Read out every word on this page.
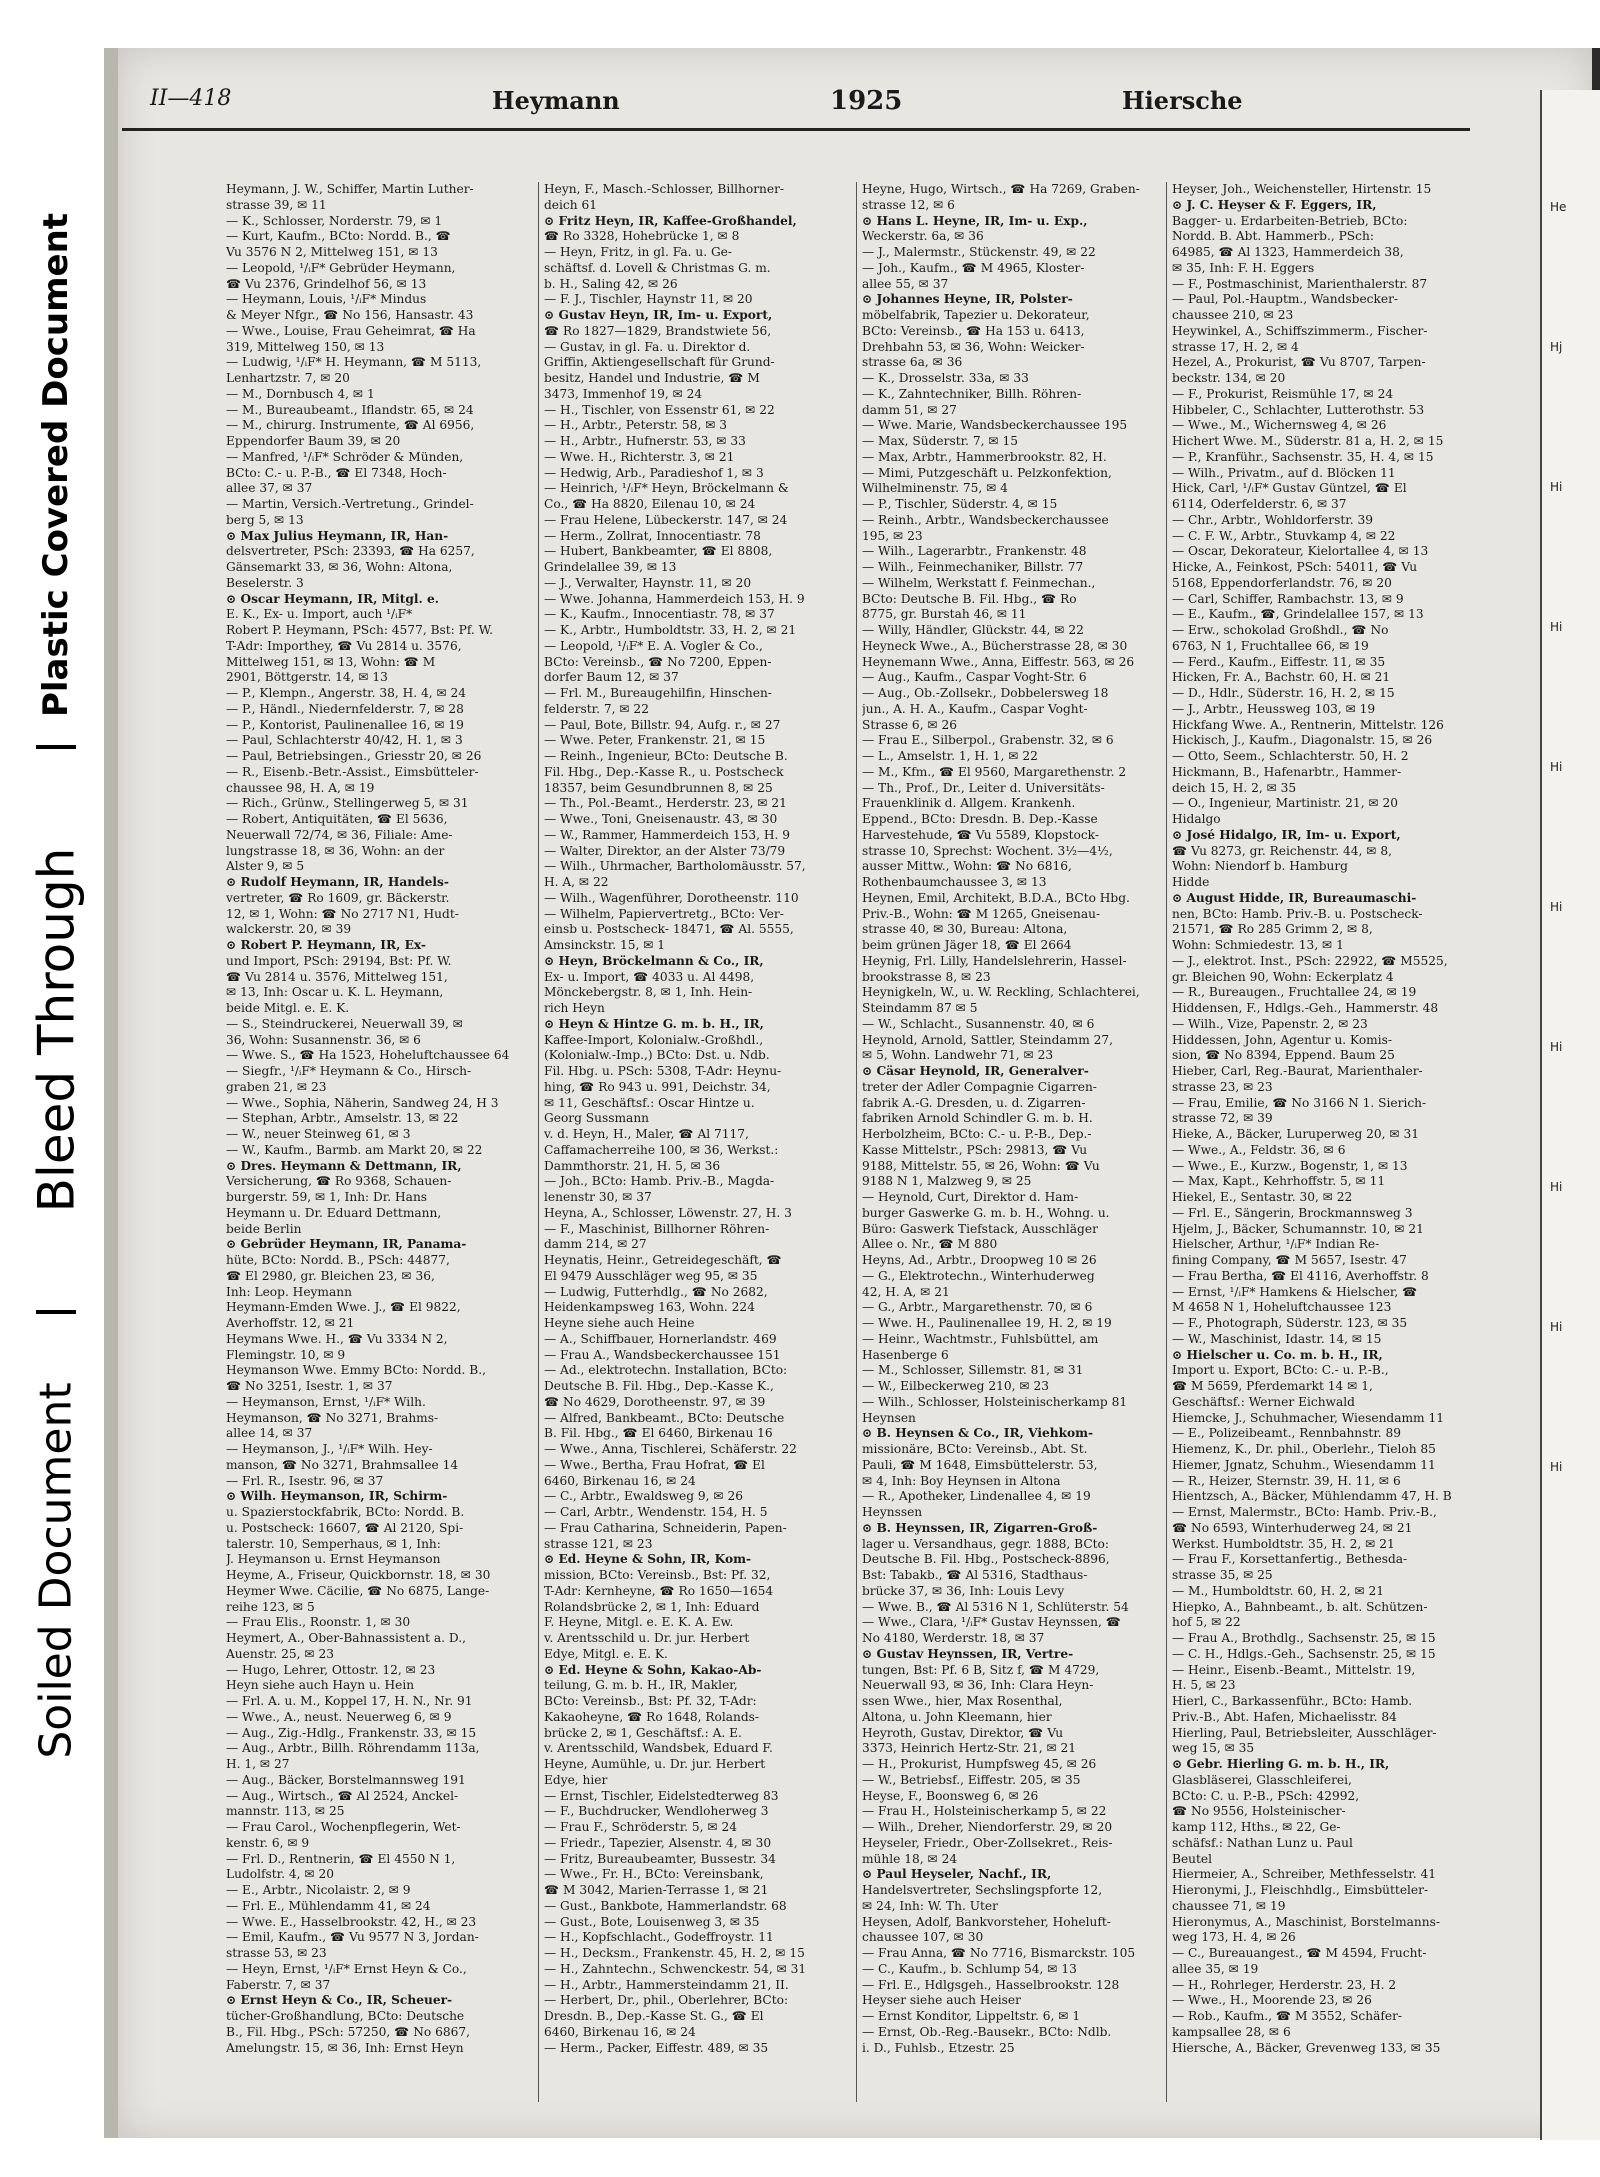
Soiled Document
Bleed Through
Plastic Covered Document
II—418	Heymann	1925	Hiersche
Heymann, J. W., Schiffer, Martin Luther-
strasse 39, ✉ 11
— K., Schlosser, Norderstr. 79, ✉ 1
— Kurt, Kaufm., BCto: Nordd. B., ☎
Vu 3576 N 2, Mittelweg 151, ✉ 13
— Leopold, ¹/ᵢF* Gebrüder Heymann,
☎ Vu 2376, Grindelhof 56, ✉ 13
— Heymann, Louis, ¹/ᵢF* Mindus
& Meyer Nfgr., ☎ No 156, Hansastr. 43
— Wwe., Louise, Frau Geheimrat, ☎ Ha
319, Mittelweg 150, ✉ 13
— Ludwig, ¹/ᵢF* H. Heymann, ☎ M 5113,
Lenhartzstr. 7, ✉ 20
— M., Dornbusch 4, ✉ 1
— M., Bureaubeamt., Iflandstr. 65, ✉ 24
— M., chirurg. Instrumente, ☎ Al 6956,
Eppendorfer Baum 39, ✉ 20
— Manfred, ¹/ᵢF* Schröder & Münden,
BCto: C.- u. P.-B., ☎ El 7348, Hoch-
allee 37, ✉ 37
— Martin, Versich.-Vertretung., Grindel-
berg 5, ✉ 13
⊙ Max Julius Heymann, IR, Han-
delsvertreter, PSch: 23393, ☎ Ha 6257,
Gänsemarkt 33, ✉ 36, Wohn: Altona,
Beselerstr. 3
⊙ Oscar Heymann, IR, Mitgl. e.
E. K., Ex- u. Import, auch ¹/ᵢF*
Robert P. Heymann, PSch: 4577, Bst: Pf. W.
T-Adr: Importhey, ☎ Vu 2814 u. 3576,
Mittelweg 151, ✉ 13, Wohn: ☎ M
2901, Böttgerstr. 14, ✉ 13
— P., Klempn., Angerstr. 38, H. 4, ✉ 24
— P., Händl., Niedernfelderstr. 7, ✉ 28
— P., Kontorist, Paulinenallee 16, ✉ 19
— Paul, Schlachterstr 40/42, H. 1, ✉ 3
— Paul, Betriebsingen., Griesstr 20, ✉ 26
— R., Eisenb.-Betr.-Assist., Eimsbütteler-
chaussee 98, H. A, ✉ 19
— Rich., Grünw., Stellingerweg 5, ✉ 31
— Robert, Antiquitäten, ☎ El 5636,
Neuerwall 72/74, ✉ 36, Filiale: Ame-
lungstrasse 18, ✉ 36, Wohn: an der
Alster 9, ✉ 5
⊙ Rudolf Heymann, IR, Handels-
vertreter, ☎ Ro 1609, gr. Bäckerstr.
12, ✉ 1, Wohn: ☎ No 2717 N1, Hudt-
walckerstr. 20, ✉ 39
⊙ Robert P. Heymann, IR, Ex-
und Import, PSch: 29194, Bst: Pf. W.
☎ Vu 2814 u. 3576, Mittelweg 151,
✉ 13, Inh: Oscar u. K. L. Heymann,
beide Mitgl. e. E. K.
— S., Steindruckerei, Neuerwall 39, ✉
36, Wohn: Susannenstr. 36, ✉ 6
— Wwe. S., ☎ Ha 1523, Hoheluftchaussee 64
— Siegfr., ¹/ᵢF* Heymann & Co., Hirsch-
graben 21, ✉ 23
— Wwe., Sophia, Näherin, Sandweg 24, H 3
— Stephan, Arbtr., Amselstr. 13, ✉ 22
— W., neuer Steinweg 61, ✉ 3
— W., Kaufm., Barmb. am Markt 20, ✉ 22
⊙ Dres. Heymann & Dettmann, IR,
Versicherung, ☎ Ro 9368, Schauen-
burgerstr. 59, ✉ 1, Inh: Dr. Hans
Heymann u. Dr. Eduard Dettmann,
beide Berlin
⊙ Gebrüder Heymann, IR, Panama-
hüte, BCto: Nordd. B., PSch: 44877,
☎ El 2980, gr. Bleichen 23, ✉ 36,
Inh: Leop. Heymann
Heymann-Emden Wwe. J., ☎ El 9822,
Averhoffstr. 12, ✉ 21
Heymans Wwe. H., ☎ Vu 3334 N 2,
Flemingstr. 10, ✉ 9
Heymanson Wwe. Emmy BCto: Nordd. B.,
☎ No 3251, Isestr. 1, ✉ 37
— Heymanson, Ernst, ¹/ᵢF* Wilh.
Heymanson, ☎ No 3271, Brahms-
allee 14, ✉ 37
— Heymanson, J., ¹/ᵢF* Wilh. Hey-
manson, ☎ No 3271, Brahmsallee 14
— Frl. R., Isestr. 96, ✉ 37
⊙ Wilh. Heymanson, IR, Schirm-
u. Spazierstockfabrik, BCto: Nordd. B.
u. Postscheck: 16607, ☎ Al 2120, Spi-
talerstr. 10, Semperhaus, ✉ 1, Inh:
J. Heymanson u. Ernst Heymanson
Heyme, A., Friseur, Quickbornstr. 18, ✉ 30
Heymer Wwe. Cäcilie, ☎ No 6875, Lange-
reihe 123, ✉ 5
— Frau Elis., Roonstr. 1, ✉ 30
Heymert, A., Ober-Bahnassistent a. D.,
Auenstr. 25, ✉ 23
— Hugo, Lehrer, Ottostr. 12, ✉ 23
Heyn siehe auch Hayn u. Hein
— Frl. A. u. M., Koppel 17, H. N., Nr. 91
— Wwe., A., neust. Neuerweg 6, ✉ 9
— Aug., Zig.-Hdlg., Frankenstr. 33, ✉ 15
— Aug., Arbtr., Billh. Röhrendamm 113a,
H. 1, ✉ 27
— Aug., Bäcker, Borstelmannsweg 191
— Aug., Wirtsch., ☎ Al 2524, Anckel-
mannstr. 113, ✉ 25
— Frau Carol., Wochenpflegerin, Wet-
kenstr. 6, ✉ 9
— Frl. D., Rentnerin, ☎ El 4550 N 1,
Ludolfstr. 4, ✉ 20
— E., Arbtr., Nicolaistr. 2, ✉ 9
— Frl. E., Mühlendamm 41, ✉ 24
— Wwe. E., Hasselbrookstr. 42, H., ✉ 23
— Emil, Kaufm., ☎ Vu 9577 N 3, Jordan-
strasse 53, ✉ 23
— Heyn, Ernst, ¹/ᵢF* Ernst Heyn & Co.,
Faberstr. 7, ✉ 37
⊙ Ernst Heyn & Co., IR, Scheuer-
tücher-Großhandlung, BCto: Deutsche
B., Fil. Hbg., PSch: 57250, ☎ No 6867,
Amelungstr. 15, ✉ 36, Inh: Ernst Heyn
Heyn, F., Masch.-Schlosser, Billhorner-
deich 61
⊙ Fritz Heyn, IR, Kaffee-Großhandel,
☎ Ro 3328, Hohebrücke 1, ✉ 8
— Heyn, Fritz, in gl. Fa. u. Ge-
schäftsf. d. Lovell & Christmas G. m.
b. H., Saling 42, ✉ 26
— F. J., Tischler, Haynstr 11, ✉ 20
⊙ Gustav Heyn, IR, Im- u. Export,
☎ Ro 1827—1829, Brandstwiete 56,
— Gustav, in gl. Fa. u. Direktor d.
Griffin, Aktiengesellschaft für Grund-
besitz, Handel und Industrie, ☎ M
3473, Immenhof 19, ✉ 24
— H., Tischler, von Essenstr 61, ✉ 22
— H., Arbtr., Peterstr. 58, ✉ 3
— H., Arbtr., Hufnerstr. 53, ✉ 33
— Wwe. H., Richterstr. 3, ✉ 21
— Hedwig, Arb., Paradieshof 1, ✉ 3
— Heinrich, ¹/ᵢF* Heyn, Bröckelmann &
Co., ☎ Ha 8820, Eilenau 10, ✉ 24
— Frau Helene, Lübeckerstr. 147, ✉ 24
— Herm., Zollrat, Innocentiastr. 78
— Hubert, Bankbeamter, ☎ El 8808,
Grindelallee 39, ✉ 13
— J., Verwalter, Haynstr. 11, ✉ 20
— Wwe. Johanna, Hammerdeich 153, H. 9
— K., Kaufm., Innocentiastr. 78, ✉ 37
— K., Arbtr., Humboldtstr. 33, H. 2, ✉ 21
— Leopold, ¹/ᵢF* E. A. Vogler & Co.,
BCto: Vereinsb., ☎ No 7200, Eppen-
dorfer Baum 12, ✉ 37
— Frl. M., Bureaugehilfin, Hinschen-
felderstr. 7, ✉ 22
— Paul, Bote, Billstr. 94, Aufg. r., ✉ 27
— Wwe. Peter, Frankenstr. 21, ✉ 15
— Reinh., Ingenieur, BCto: Deutsche B.
Fil. Hbg., Dep.-Kasse R., u. Postscheck
18357, beim Gesundbrunnen 8, ✉ 25
— Th., Pol.-Beamt., Herderstr. 23, ✉ 21
— Wwe., Toni, Gneisenaustr. 43, ✉ 30
— W., Rammer, Hammerdeich 153, H. 9
— Walter, Direktor, an der Alster 73/79
— Wilh., Uhrmacher, Bartholomäusstr. 57,
H. A, ✉ 22
— Wilh., Wagenführer, Dorotheenstr. 110
— Wilhelm, Papiervertretg., BCto: Ver-
einsb u. Postscheck- 18471, ☎ Al. 5555,
Amsinckstr. 15, ✉ 1
⊙ Heyn, Bröckelmann & Co., IR,
Ex- u. Import, ☎ 4033 u. Al 4498,
Mönckebergstr. 8, ✉ 1, Inh. Hein-
rich Heyn
⊙ Heyn & Hintze G. m. b. H., IR,
Kaffee-Import, Kolonialw.-Großhdl.,
(Kolonialw.-Imp.,) BCto: Dst. u. Ndb.
Fil. Hbg. u. PSch: 5308, T-Adr: Heynu-
hing, ☎ Ro 943 u. 991, Deichstr. 34,
✉ 11, Geschäftsf.: Oscar Hintze u.
Georg Sussmann
v. d. Heyn, H., Maler, ☎ Al 7117,
Caffamacherreihe 100, ✉ 36, Werkst.:
Dammthorstr. 21, H. 5, ✉ 36
— Joh., BCto: Hamb. Priv.-B., Magda-
lenenstr 30, ✉ 37
Heyna, A., Schlosser, Löwenstr. 27, H. 3
— F., Maschinist, Billhorner Röhren-
damm 214, ✉ 27
Heynatis, Heinr., Getreidegeschäft, ☎
El 9479 Ausschläger weg 95, ✉ 35
— Ludwig, Futterhdlg., ☎ No 2682,
Heidenkampsweg 163, Wohn. 224
Heyne siehe auch Heine
— A., Schiffbauer, Hornerlandstr. 469
— Frau A., Wandsbeckerchaussee 151
— Ad., elektrotechn. Installation, BCto:
Deutsche B. Fil. Hbg., Dep.-Kasse K.,
☎ No 4629, Dorotheenstr. 97, ✉ 39
— Alfred, Bankbeamt., BCto: Deutsche
B. Fil. Hbg., ☎ El 6460, Birkenau 16
— Wwe., Anna, Tischlerei, Schäferstr. 22
— Wwe., Bertha, Frau Hofrat, ☎ El
6460, Birkenau 16, ✉ 24
— C., Arbtr., Ewaldsweg 9, ✉ 26
— Carl, Arbtr., Wendenstr. 154, H. 5
— Frau Catharina, Schneiderin, Papen-
strasse 121, ✉ 23
⊙ Ed. Heyne & Sohn, IR, Kom-
mission, BCto: Vereinsb., Bst: Pf. 32,
T-Adr: Kernheyne, ☎ Ro 1650—1654
Rolandsbrücke 2, ✉ 1, Inh: Eduard
F. Heyne, Mitgl. e. E. K. A. Ew.
v. Arentsschild u. Dr. jur. Herbert
Edye, Mitgl. e. E. K.
⊙ Ed. Heyne & Sohn, Kakao-Ab-
teilung, G. m. b. H., IR, Makler,
BCto: Vereinsb., Bst: Pf. 32, T-Adr:
Kakaoheyne, ☎ Ro 1648, Rolands-
brücke 2, ✉ 1, Geschäftsf.: A. E.
v. Arentsschild, Wandsbek, Eduard F.
Heyne, Aumühle, u. Dr. jur. Herbert
Edye, hier
— Ernst, Tischler, Eidelstedterweg 83
— F., Buchdrucker, Wendloherweg 3
— Frau F., Schröderstr. 5, ✉ 24
— Friedr., Tapezier, Alsenstr. 4, ✉ 30
— Fritz, Bureaubeamter, Bussestr. 34
— Wwe., Fr. H., BCto: Vereinsbank,
☎ M 3042, Marien-Terrasse 1, ✉ 21
— Gust., Bankbote, Hammerlandstr. 68
— Gust., Bote, Louisenweg 3, ✉ 35
— H., Kopfschlacht., Godeffroystr. 11
— H., Decksm., Frankenstr. 45, H. 2, ✉ 15
— H., Zahntechn., Schwenckestr. 54, ✉ 31
— H., Arbtr., Hammersteindamm 21, II.
— Herbert, Dr., phil., Oberlehrer, BCto:
Dresdn. B., Dep.-Kasse St. G., ☎ El
6460, Birkenau 16, ✉ 24
— Herm., Packer, Eiffestr. 489, ✉ 35
Heyne, Hugo, Wirtsch., ☎ Ha 7269, Graben-
strasse 12, ✉ 6
⊙ Hans L. Heyne, IR, Im- u. Exp.,
Weckerstr. 6a, ✉ 36
— J., Malermstr., Stückenstr. 49, ✉ 22
— Joh., Kaufm., ☎ M 4965, Kloster-
allee 55, ✉ 37
⊙ Johannes Heyne, IR, Polster-
möbelfabrik, Tapezier u. Dekorateur,
BCto: Vereinsb., ☎ Ha 153 u. 6413,
Drehbahn 53, ✉ 36, Wohn: Weicker-
strasse 6a, ✉ 36
— K., Drosselstr. 33a, ✉ 33
— K., Zahntechniker, Billh. Röhren-
damm 51, ✉ 27
— Wwe. Marie, Wandsbeckerchaussee 195
— Max, Süderstr. 7, ✉ 15
— Max, Arbtr., Hammerbrookstr. 82, H.
— Mimi, Putzgeschäft u. Pelzkonfektion,
Wilhelminenstr. 75, ✉ 4
— P., Tischler, Süderstr. 4, ✉ 15
— Reinh., Arbtr., Wandsbeckerchaussee
195, ✉ 23
— Wilh., Lagerarbtr., Frankenstr. 48
— Wilh., Feinmechaniker, Billstr. 77
— Wilhelm, Werkstatt f. Feinmechan.,
BCto: Deutsche B. Fil. Hbg., ☎ Ro
8775, gr. Burstah 46, ✉ 11
— Willy, Händler, Glückstr. 44, ✉ 22
Heyneck Wwe., A., Bücherstrasse 28, ✉ 30
Heynemann Wwe., Anna, Eiffestr. 563, ✉ 26
— Aug., Kaufm., Caspar Voght-Str. 6
— Aug., Ob.-Zollsekr., Dobbelersweg 18
jun., A. H. A., Kaufm., Caspar Voght-
Strasse 6, ✉ 26
— Frau E., Silberpol., Grabenstr. 32, ✉ 6
— L., Amselstr. 1, H. 1, ✉ 22
— M., Kfm., ☎ El 9560, Margarethenstr. 2
— Th., Prof., Dr., Leiter d. Universitäts-
Frauenklinik d. Allgem. Krankenh.
Eppend., BCto: Dresdn. B. Dep.-Kasse
Harvestehude, ☎ Vu 5589, Klopstock-
strasse 10, Sprechst: Wochent. 3½—4½,
ausser Mittw., Wohn: ☎ No 6816,
Rothenbaumchaussee 3, ✉ 13
Heynen, Emil, Architekt, B.D.A., BCto Hbg.
Priv.-B., Wohn: ☎ M 1265, Gneisenau-
strasse 40, ✉ 30, Bureau: Altona,
beim grünen Jäger 18, ☎ El 2664
Heynig, Frl. Lilly, Handelslehrerin, Hassel-
brookstrasse 8, ✉ 23
Heynigkeln, W., u. W. Reckling, Schlachterei,
Steindamm 87 ✉ 5
— W., Schlacht., Susannenstr. 40, ✉ 6
Heynold, Arnold, Sattler, Steindamm 27,
✉ 5, Wohn. Landwehr 71, ✉ 23
⊙ Cäsar Heynold, IR, Generalver-
treter der Adler Compagnie Cigarren-
fabrik A.-G. Dresden, u. d. Zigarren-
fabriken Arnold Schindler G. m. b. H.
Herbolzheim, BCto: C.- u. P.-B., Dep.-
Kasse Mittelstr., PSch: 29813, ☎ Vu
9188, Mittelstr. 55, ✉ 26, Wohn: ☎ Vu
9188 N 1, Malzweg 9, ✉ 25
— Heynold, Curt, Direktor d. Ham-
burger Gaswerke G. m. b. H., Wohng. u.
Büro: Gaswerk Tiefstack, Ausschläger
Allee o. Nr., ☎ M 880
Heyns, Ad., Arbtr., Droopweg 10 ✉ 26
— G., Elektrotechn., Winterhuderweg
42, H. A, ✉ 21
— G., Arbtr., Margarethenstr. 70, ✉ 6
— Wwe. H., Paulinenallee 19, H. 2, ✉ 19
— Heinr., Wachtmstr., Fuhlsbüttel, am
Hasenberge 6
— M., Schlosser, Sillemstr. 81, ✉ 31
— W., Eilbeckerweg 210, ✉ 23
— Wilh., Schlosser, Holsteinischerkamp 81
Heynsen
⊙ B. Heynsen & Co., IR, Viehkom-
missionäre, BCto: Vereinsb., Abt. St.
Pauli, ☎ M 1648, Eimsbüttelerstr. 53,
✉ 4, Inh: Boy Heynsen in Altona
— R., Apotheker, Lindenallee 4, ✉ 19
Heynssen
⊙ B. Heynssen, IR, Zigarren-Groß-
lager u. Versandhaus, gegr. 1888, BCto:
Deutsche B. Fil. Hbg., Postscheck-8896,
Bst: Tabakb., ☎ Al 5316, Stadthaus-
brücke 37, ✉ 36, Inh: Louis Levy
— Wwe. B., ☎ Al 5316 N 1, Schlüterstr. 54
— Wwe., Clara, ¹/ᵢF* Gustav Heynssen, ☎
No 4180, Werderstr. 18, ✉ 37
⊙ Gustav Heynssen, IR, Vertre-
tungen, Bst: Pf. 6 B, Sitz f, ☎ M 4729,
Neuerwall 93, ✉ 36, Inh: Clara Heyn-
ssen Wwe., hier, Max Rosenthal,
Altona, u. John Kleemann, hier
Heyroth, Gustav, Direktor, ☎ Vu
3373, Heinrich Hertz-Str. 21, ✉ 21
— H., Prokurist, Humpfsweg 45, ✉ 26
— W., Betriebsf., Eiffestr. 205, ✉ 35
Heyse, F., Boonsweg 6, ✉ 26
— Frau H., Holsteinischerkamp 5, ✉ 22
— Wilh., Dreher, Niendorferstr. 29, ✉ 20
Heyseler, Friedr., Ober-Zollsekret., Reis-
mühle 18, ✉ 24
⊙ Paul Heyseler, Nachf., IR,
Handelsvertreter, Sechslingspforte 12,
✉ 24, Inh: W. Th. Uter
Heysen, Adolf, Bankvorsteher, Hoheluft-
chaussee 107, ✉ 30
— Frau Anna, ☎ No 7716, Bismarckstr. 105
— C., Kaufm., b. Schlump 54, ✉ 13
— Frl. E., Hdlgsgeh., Hasselbrookstr. 128
Heyser siehe auch Heiser
— Ernst Konditor, Lippeltstr. 6, ✉ 1
— Ernst, Ob.-Reg.-Bausekr., BCto: Ndlb.
i. D., Fuhlsb., Etzestr. 25
Heyser, Joh., Weichensteller, Hirtenstr. 15
⊙ J. C. Heyser & F. Eggers, IR,
Bagger- u. Erdarbeiten-Betrieb, BCto:
Nordd. B. Abt. Hammerb., PSch:
64985, ☎ Al 1323, Hammerdeich 38,
✉ 35, Inh: F. H. Eggers
— F., Postmaschinist, Marienthalerstr. 87
— Paul, Pol.-Hauptm., Wandsbecker-
chaussee 210, ✉ 23
Heywinkel, A., Schiffszimmerm., Fischer-
strasse 17, H. 2, ✉ 4
Hezel, A., Prokurist, ☎ Vu 8707, Tarpen-
beckstr. 134, ✉ 20
— F., Prokurist, Reismühle 17, ✉ 24
Hibbeler, C., Schlachter, Lutterothstr. 53
— Wwe., M., Wichernsweg 4, ✉ 26
Hichert Wwe. M., Süderstr. 81 a, H. 2, ✉ 15
— P., Kranführ., Sachsenstr. 35, H. 4, ✉ 15
— Wilh., Privatm., auf d. Blöcken 11
Hick, Carl, ¹/ᵢF* Gustav Güntzel, ☎ El
6114, Oderfelderstr. 6, ✉ 37
— Chr., Arbtr., Wohldorferstr. 39
— C. F. W., Arbtr., Stuvkamp 4, ✉ 22
— Oscar, Dekorateur, Kielortallee 4, ✉ 13
Hicke, A., Feinkost, PSch: 54011, ☎ Vu
5168, Eppendorferlandstr. 76, ✉ 20
— Carl, Schiffer, Rambachstr. 13, ✉ 9
— E., Kaufm., ☎, Grindelallee 157, ✉ 13
— Erw., schokolad Großhdl., ☎ No
6763, N 1, Fruchtallee 66, ✉ 19
— Ferd., Kaufm., Eiffestr. 11, ✉ 35
Hicken, Fr. A., Bachstr. 60, H. ✉ 21
— D., Hdlr., Süderstr. 16, H. 2, ✉ 15
— J., Arbtr., Heussweg 103, ✉ 19
Hickfang Wwe. A., Rentnerin, Mittelstr. 126
Hickisch, J., Kaufm., Diagonalstr. 15, ✉ 26
— Otto, Seem., Schlachterstr. 50, H. 2
Hickmann, B., Hafenarbtr., Hammer-
deich 15, H. 2, ✉ 35
— O., Ingenieur, Martinistr. 21, ✉ 20
Hidalgo
⊙ José Hidalgo, IR, Im- u. Export,
☎ Vu 8273, gr. Reichenstr. 44, ✉ 8,
Wohn: Niendorf b. Hamburg
Hidde
⊙ August Hidde, IR, Bureaumaschi-
nen, BCto: Hamb. Priv.-B. u. Postscheck-
21571, ☎ Ro 285 Grimm 2, ✉ 8,
Wohn: Schmiedestr. 13, ✉ 1
— J., elektrot. Inst., PSch: 22922, ☎ M5525,
gr. Bleichen 90, Wohn: Eckerplatz 4
— R., Bureaugen., Fruchtallee 24, ✉ 19
Hiddensen, F., Hdlgs.-Geh., Hammerstr. 48
— Wilh., Vize, Papenstr. 2, ✉ 23
Hiddessen, John, Agentur u. Komis-
sion, ☎ No 8394, Eppend. Baum 25
Hieber, Carl, Reg.-Baurat, Marienthaler-
strasse 23, ✉ 23
— Frau, Emilie, ☎ No 3166 N 1. Sierich-
strasse 72, ✉ 39
Hieke, A., Bäcker, Luruperweg 20, ✉ 31
— Wwe., A., Feldstr. 36, ✉ 6
— Wwe., E., Kurzw., Bogenstr, 1, ✉ 13
— Max, Kapt., Kehrhoffstr. 5, ✉ 11
Hiekel, E., Sentastr. 30, ✉ 22
— Frl. E., Sängerin, Brockmannsweg 3
Hjelm, J., Bäcker, Schumannstr. 10, ✉ 21
Hielscher, Arthur, ¹/ᵢF* Indian Re-
fining Company, ☎ M 5657, Isestr. 47
— Frau Bertha, ☎ El 4116, Averhoffstr. 8
— Ernst, ¹/ᵢF* Hamkens & Hielscher, ☎
M 4658 N 1, Hoheluftchaussee 123
— F., Photograph, Süderstr. 123, ✉ 35
— W., Maschinist, Idastr. 14, ✉ 15
⊙ Hielscher u. Co. m. b. H., IR,
Import u. Export, BCto: C.- u. P.-B.,
☎ M 5659, Pferdemarkt 14 ✉ 1,
Geschäftsf.: Werner Eichwald
Hiemcke, J., Schuhmacher, Wiesendamm 11
— E., Polizeibeamt., Rennbahnstr. 89
Hiemenz, K., Dr. phil., Oberlehr., Tieloh 85
Hiemer, Jgnatz, Schuhm., Wiesendamm 11
— R., Heizer, Sternstr. 39, H. 11, ✉ 6
Hientzsch, A., Bäcker, Mühlendamm 47, H. B
— Ernst, Malermstr., BCto: Hamb. Priv.-B.,
☎ No 6593, Winterhuderweg 24, ✉ 21
Werkst. Humboldtstr. 35, H. 2, ✉ 21
— Frau F., Korsettanfertig., Bethesda-
strasse 35, ✉ 25
— M., Humboldtstr. 60, H. 2, ✉ 21
Hiepko, A., Bahnbeamt., b. alt. Schützen-
hof 5, ✉ 22
— Frau A., Brothdlg., Sachsenstr. 25, ✉ 15
— C. H., Hdlgs.-Geh., Sachsenstr. 25, ✉ 15
— Heinr., Eisenb.-Beamt., Mittelstr. 19,
H. 5, ✉ 23
Hierl, C., Barkassenführ., BCto: Hamb.
Priv.-B., Abt. Hafen, Michaelisstr. 84
Hierling, Paul, Betriebsleiter, Ausschläger-
weg 15, ✉ 35
⊙ Gebr. Hierling G. m. b. H., IR,
Glasbläserei, Glasschleiferei,
BCto: C. u. P.-B., PSch: 42992,
☎ No 9556, Holsteinischer-
kamp 112, Hths., ✉ 22, Ge-
schäfsf.: Nathan Lunz u. Paul
Beutel
Hiermeier, A., Schreiber, Methfesselstr. 41
Hieronymi, J., Fleischhdlg., Eimsbütteler-
chaussee 71, ✉ 19
Hieronymus, A., Maschinist, Borstelmanns-
weg 173, H. 4, ✉ 26
— C., Bureauangest., ☎ M 4594, Frucht-
allee 35, ✉ 19
— H., Rohrleger, Herderstr. 23, H. 2
— Wwe., H., Moorende 23, ✉ 26
— Rob., Kaufm., ☎ M 3552, Schäfer-
kampsallee 28, ✉ 6
Hiersche, A., Bäcker, Grevenweg 133, ✉ 35
He
Hj
Hi
Hi
Hi
Hi
Hi
Hi
Hi
Hi
